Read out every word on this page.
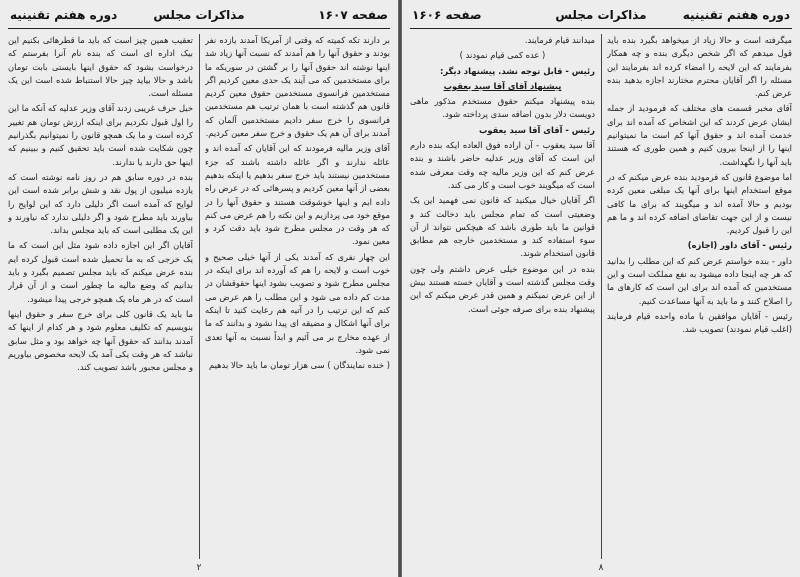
صفحه ۱۶۰۷
مذاکرات مجلس
دوره هفتم تقنينيه

بر دارند تکه کمیته که وقتی از آمریکا آمدند یازده نفر بودند و حقوق آنها را هم آمدند که نسبت آنها زیاد شد اینها نوشته اند حقوق آنها را بر گشتن در سوریکه ما برای مستخدمین که می آیند یک حدی معین کردیم اگر مستخدمین فرانسوی مستخدمین حقوق معین کردیم قانون هم گذشته است با همان ترتیب هم مستخدمین فرانسوی را خرج سفر دادیم مستخدمین آلمان که آمدند برای آن هم یک حقوق و خرج سفر معین کردیم.

آقای وزیر مالیه فرمودند که این آقایان که آمده اند و عائله ندارند و اگر عائله داشته باشند که جزء مستخدمین نیستند باید خرج سفر بدهیم یا اینکه بدهیم بعضی از آنها معین کردیم و پسرهائی که در عرض راه داده ایم و اینها خوشوقت هستند و حقوق آنها را در موقع خود می پردازیم و این نکته را هم عرض می کنم که هر وقت در مجلس مطرح شود باید دقت کرد و معین نمود.

این چهار نفری که آمدند یکی از آنها خیلی صحیح و خوب است و لایحه را هم که آورده اند برای اینکه در مجلس مطرح شود و تصویب بشود اینها حقوقشان در مدت کم داده می شود و این مطلب را هم عرض می کنم که این ترتیب را در آتیه هم رعایت کنید تا اینکه برای آنها اشکال و مضیقه ای پیدا نشود و بدانند که ما از عهده مخارج بر می آئیم و ابداً نسبت به آنها تعدی نمی شود.

( خنده نمایندگان ) سی هزار تومان ما باید حالا بدهیم

تعقیب همین چیز است که باید ما قطرهائی بکنیم این بیک اداره ای است که بنده نام آنرا بفرستم که درخواست بشود که حقوق اینها بایستی بابت تومان باشد و حالا بیاید چیز حالا استنباط شده است این یک مسئله است.

خیل حرف غریبی زدند آقای وزیر عدلیه که آنکه ما این را اول قبول نکردیم برای اینکه ارزش تومان هم تغییر کرده است و ما یک همچو قانون را نمیتوانیم بگذرانیم چون شکایت شده است باید تحقیق کنیم و ببینیم که اینها حق دارند یا ندارند.

بنده در دوره سابق هم در روز نامه نوشته است که یازده میلیون از پول نقد و شش برابر شده است این لوایح که آمده است اگر دلیلی دارد که این لوایح را بیاورند باید مطرح شود و اگر دلیلی ندارد که نیاورند و این یک مطلبی است که باید مجلس بداند.

آقایان اگر این اجازه داده شود مثل این است که ما یک خرجی که به ما تحمیل شده است قبول کرده ایم بنده عرض میکنم که باید مجلس تصمیم بگیرد و باید بدانیم که وضع مالیه ما چطور است و از آن قرار است که در هر ماه یک همچو خرجی پیدا میشود.

ما باید یک قانون کلی برای خرج سفر و حقوق اینها بنویسیم که تکلیف معلوم شود و هر کدام از اینها که آمدند بدانند که حقوق آنها چه خواهد بود و مثل سابق نباشد که هر وقت یکی آمد یک لایحه مخصوص بیاوریم و مجلس مجبور باشد تصویب کند.

۲
دوره هفتم تقنينيه
مذاکرات مجلس
صفحه ۱۶۰۶

میگرفته است و حالا زیاد از میخواهد بگیرد بنده باید قول میدهم که اگر شخص دیگری بنده و چه همکار بفرمایند که این لایحه را امضاء کرده اند بفرمایند این مسئله را اگر آقایان محترم مختارند اجازه بدهید بنده عرض کنم.

آقای مخبر قسمت های مختلف که فرمودید از جمله ایشان عرض کردند که این اشخاص که آمده اند برای خدمت آمده اند و حقوق آنها کم است ما نمیتوانیم اینها را از اینجا بیرون کنیم و همین طوری که هستند باید آنها را نگهداشت.

اما موضوع قانون که فرمودید بنده عرض میکنم که در موقع استخدام اینها برای آنها یک مبلغی معین کرده بودیم و حالا آمده اند و میگویند که برای ما کافی نیست و از این جهت تقاضای اضافه کرده اند و ما هم این را قبول کردیم.

رئیس - آقای داور (اجازه)

داور - بنده خواستم عرض کنم که این مطلب را بدانید که هر چه اینجا داده میشود به نفع مملکت است و این مستخدمین که آمده اند برای این است که کارهای ما را اصلاح کنند و ما باید به آنها مساعدت کنیم.

رئیس - آقایان موافقین با ماده واحده قیام فرمایند (اغلب قیام نمودند) تصویب شد.

میدانند قیام فرمایند.

( عده کمی قیام نمودند )

رئیس - قابل توجه نشد. پیشنهاد دیگر:

پیشنهاد آقای آقا سید یعقوب

بنده پیشنهاد میکنم حقوق مستخدم مذکور ماهی دویست دلار بدون اضافه سدی پرداخته شود.

رئیس - آقای آقا سید یعقوب

آقا سید یعقوب - آن اراده فوق العاده ایکه بنده دارم این است که آقای وزیر عدلیه حاضر باشند و بنده عرض کنم که این وزیر مالیه چه وقت معرفی شده است که میگویند خوب است و کار می کند.

اگر آقایان خیال میکنید که قانون نمی فهمید این یک وضعیتی است که تمام مجلس باید دخالت کند و قوانین ما باید طوری باشد که هیچکس نتواند از آن سوء استفاده کند و مستخدمین خارجه هم مطابق قانون استخدام شوند.

بنده در این موضوع خیلی عرض داشتم ولی چون وقت مجلس گذشته است و آقایان خسته هستند بیش از این عرض نمیکنم و همین قدر عرض میکنم که این پیشنهاد بنده برای صرفه جوئی است.

۸
